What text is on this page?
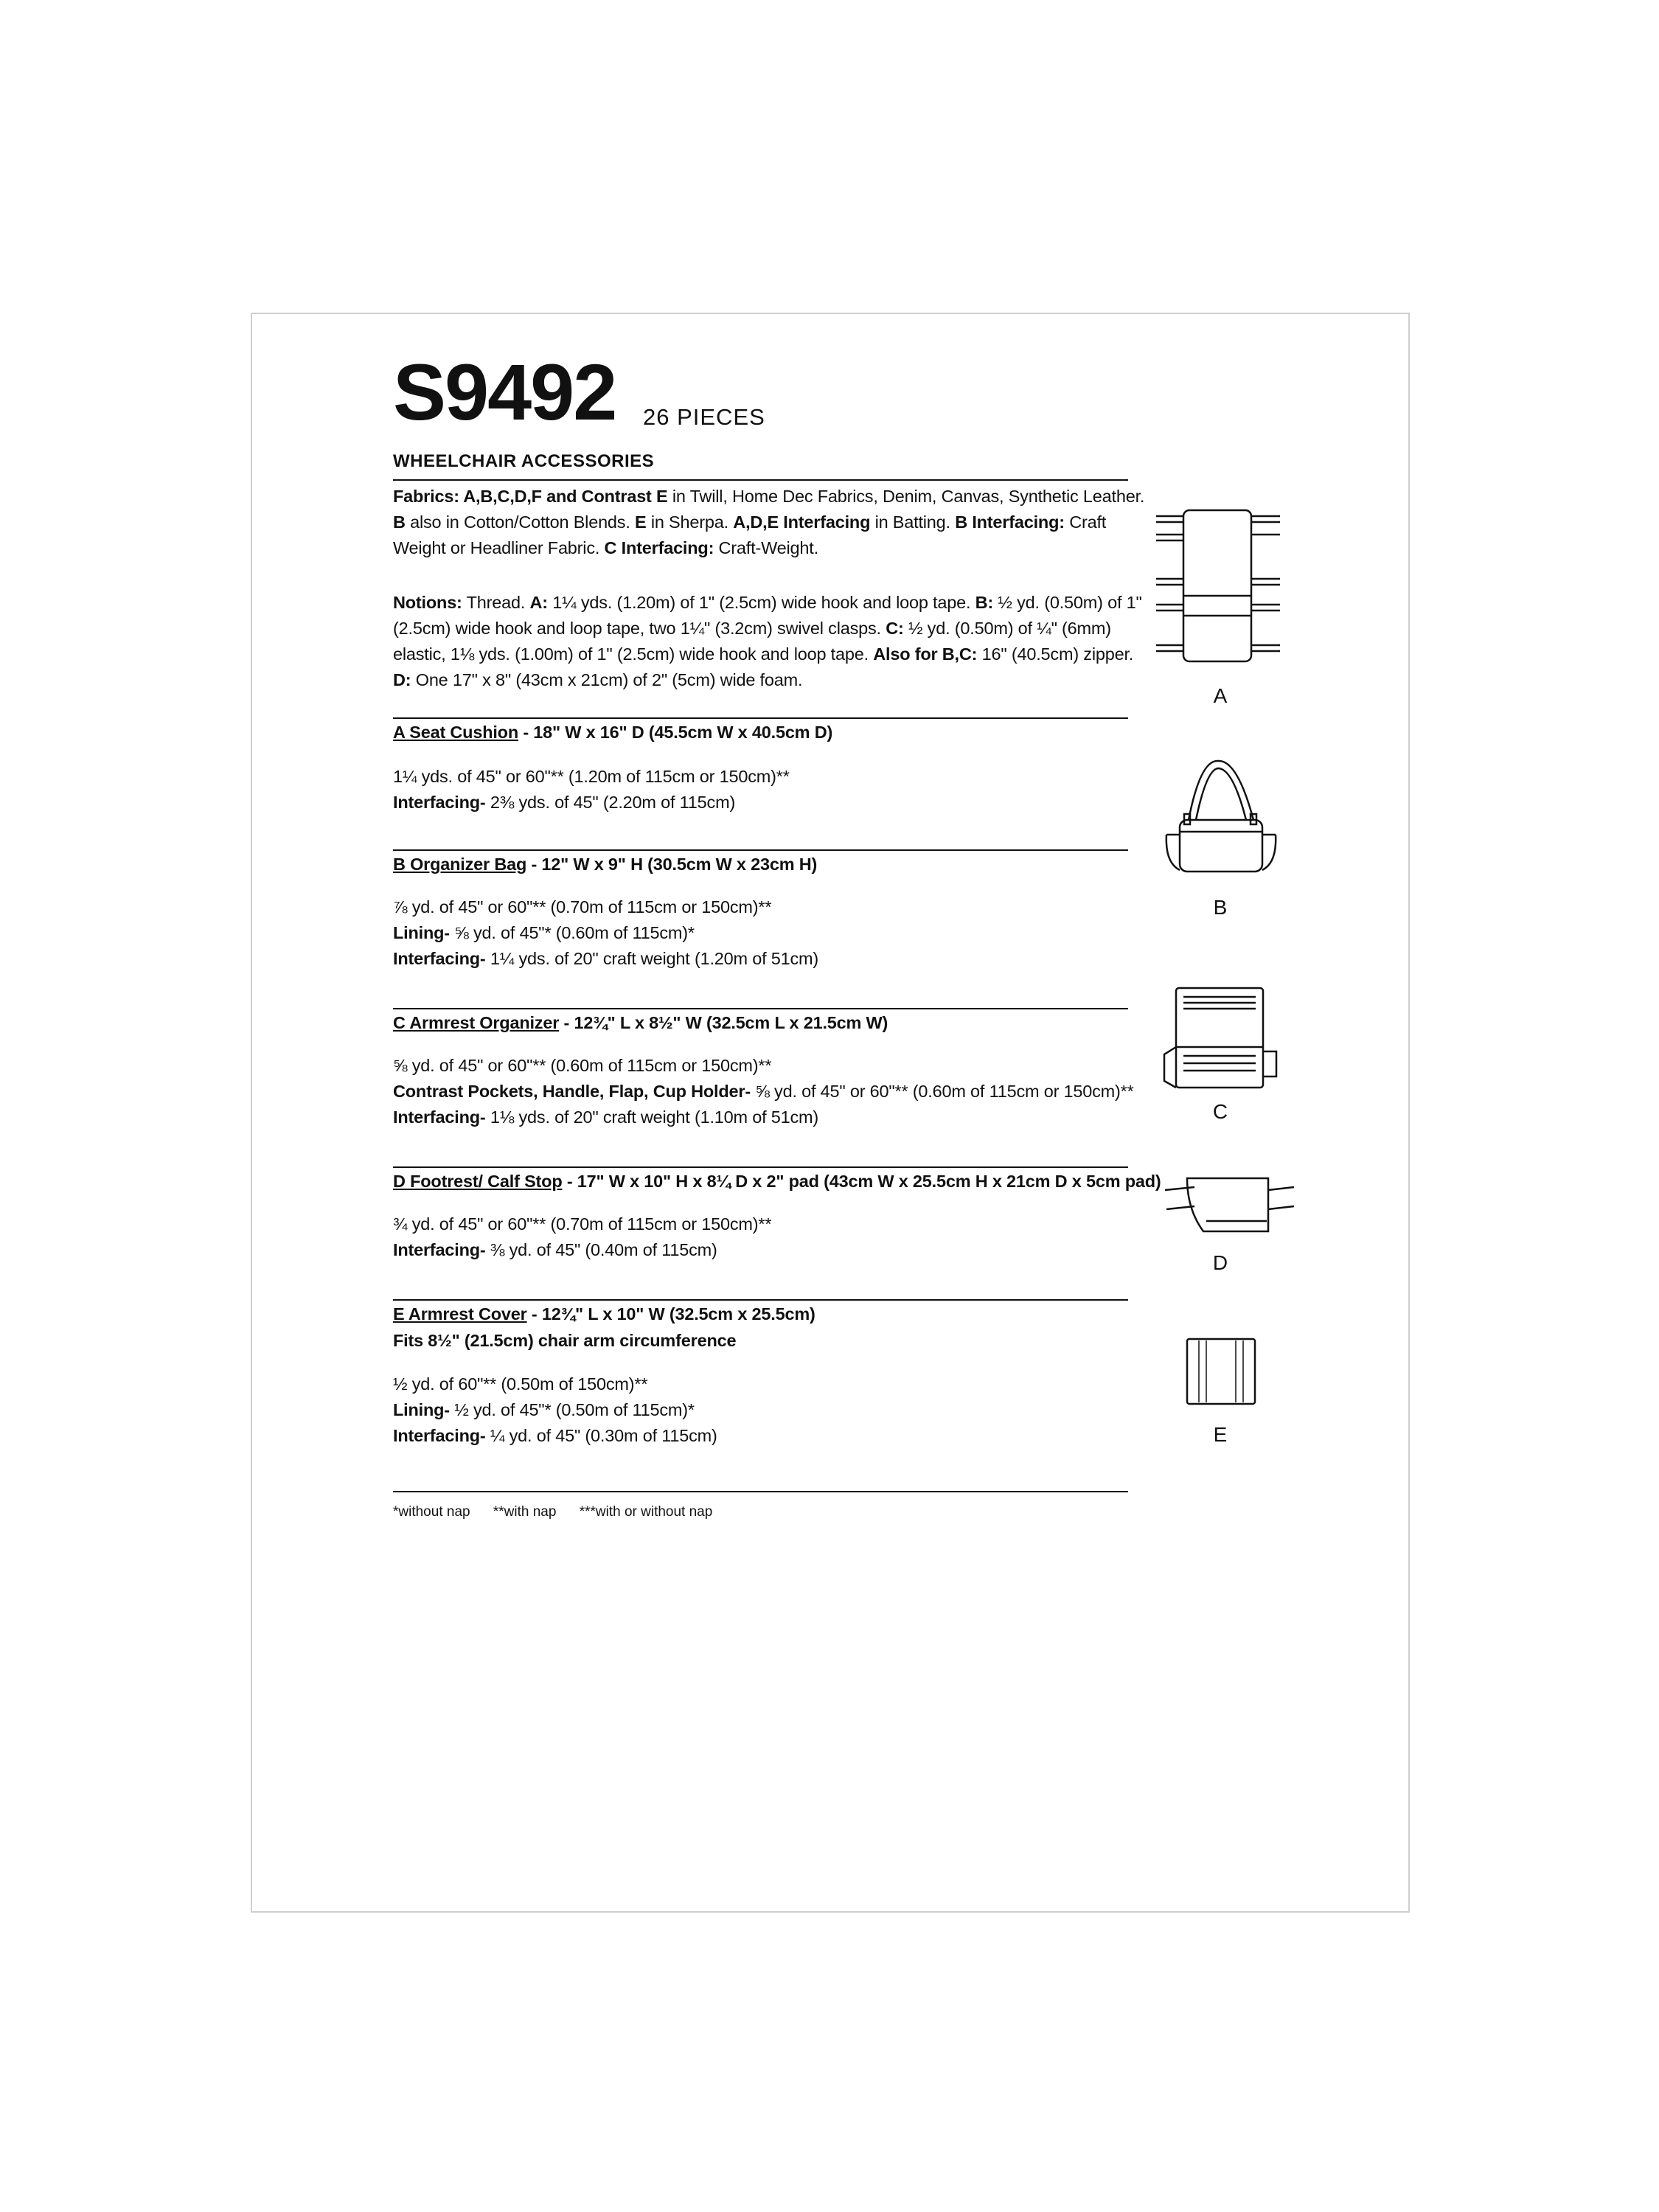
S9492 26 PIECES
WHEELCHAIR ACCESSORIES
Fabrics: A,B,C,D,F and Contrast E in Twill, Home Dec Fabrics, Denim, Canvas, Synthetic Leather.
B also in Cotton/Cotton Blends. E in Sherpa. A,D,E Interfacing in Batting. B Interfacing: Craft
Weight or Headliner Fabric. C Interfacing: Craft-Weight.
Notions: Thread. A: 1¼ yds. (1.20m) of 1" (2.5cm) wide hook and loop tape. B: ½ yd. (0.50m) of 1"
(2.5cm) wide hook and loop tape, two 1¼" (3.2cm) swivel clasps. C: ½ yd. (0.50m) of ¼" (6mm)
elastic, 1⅛ yds. (1.00m) of 1" (2.5cm) wide hook and loop tape. Also for B,C: 16" (40.5cm) zipper.
D: One 17" x 8" (43cm x 21cm) of 2" (5cm) wide foam.
A Seat Cushion - 18" W x 16" D (45.5cm W x 40.5cm D)
1¼ yds. of 45" or 60"** (1.20m of 115cm or 150cm)**
Interfacing- 2⅜ yds. of 45" (2.20m of 115cm)
B Organizer Bag - 12" W x 9" H (30.5cm W x 23cm H)
⅞ yd. of 45" or 60"** (0.70m of 115cm or 150cm)**
Lining- ⅝ yd. of 45"* (0.60m of 115cm)*
Interfacing- 1¼ yds. of 20" craft weight (1.20m of 51cm)
C Armrest Organizer - 12¾" L x 8½" W (32.5cm L x 21.5cm W)
⅝ yd. of 45" or 60"** (0.60m of 115cm or 150cm)**
Contrast Pockets, Handle, Flap, Cup Holder- ⅝ yd. of 45" or 60"** (0.60m of 115cm or 150cm)**
Interfacing- 1⅛ yds. of 20" craft weight (1.10m of 51cm)
D Footrest/ Calf Stop - 17" W x 10" H x 8¼ D x 2" pad (43cm W x 25.5cm H x 21cm D x 5cm pad)
¾ yd. of 45" or 60"** (0.70m of 115cm or 150cm)**
Interfacing- ⅜ yd. of 45" (0.40m of 115cm)
E Armrest Cover - 12¾" L x 10" W (32.5cm x 25.5cm)
Fits 8½" (21.5cm) chair arm circumference
½ yd. of 60"** (0.50m of 150cm)**
Lining- ½ yd. of 45"* (0.50m of 115cm)*
Interfacing- ¼ yd. of 45" (0.30m of 115cm)
*without nap **with nap ***with or without nap
A
B
C
D
E
